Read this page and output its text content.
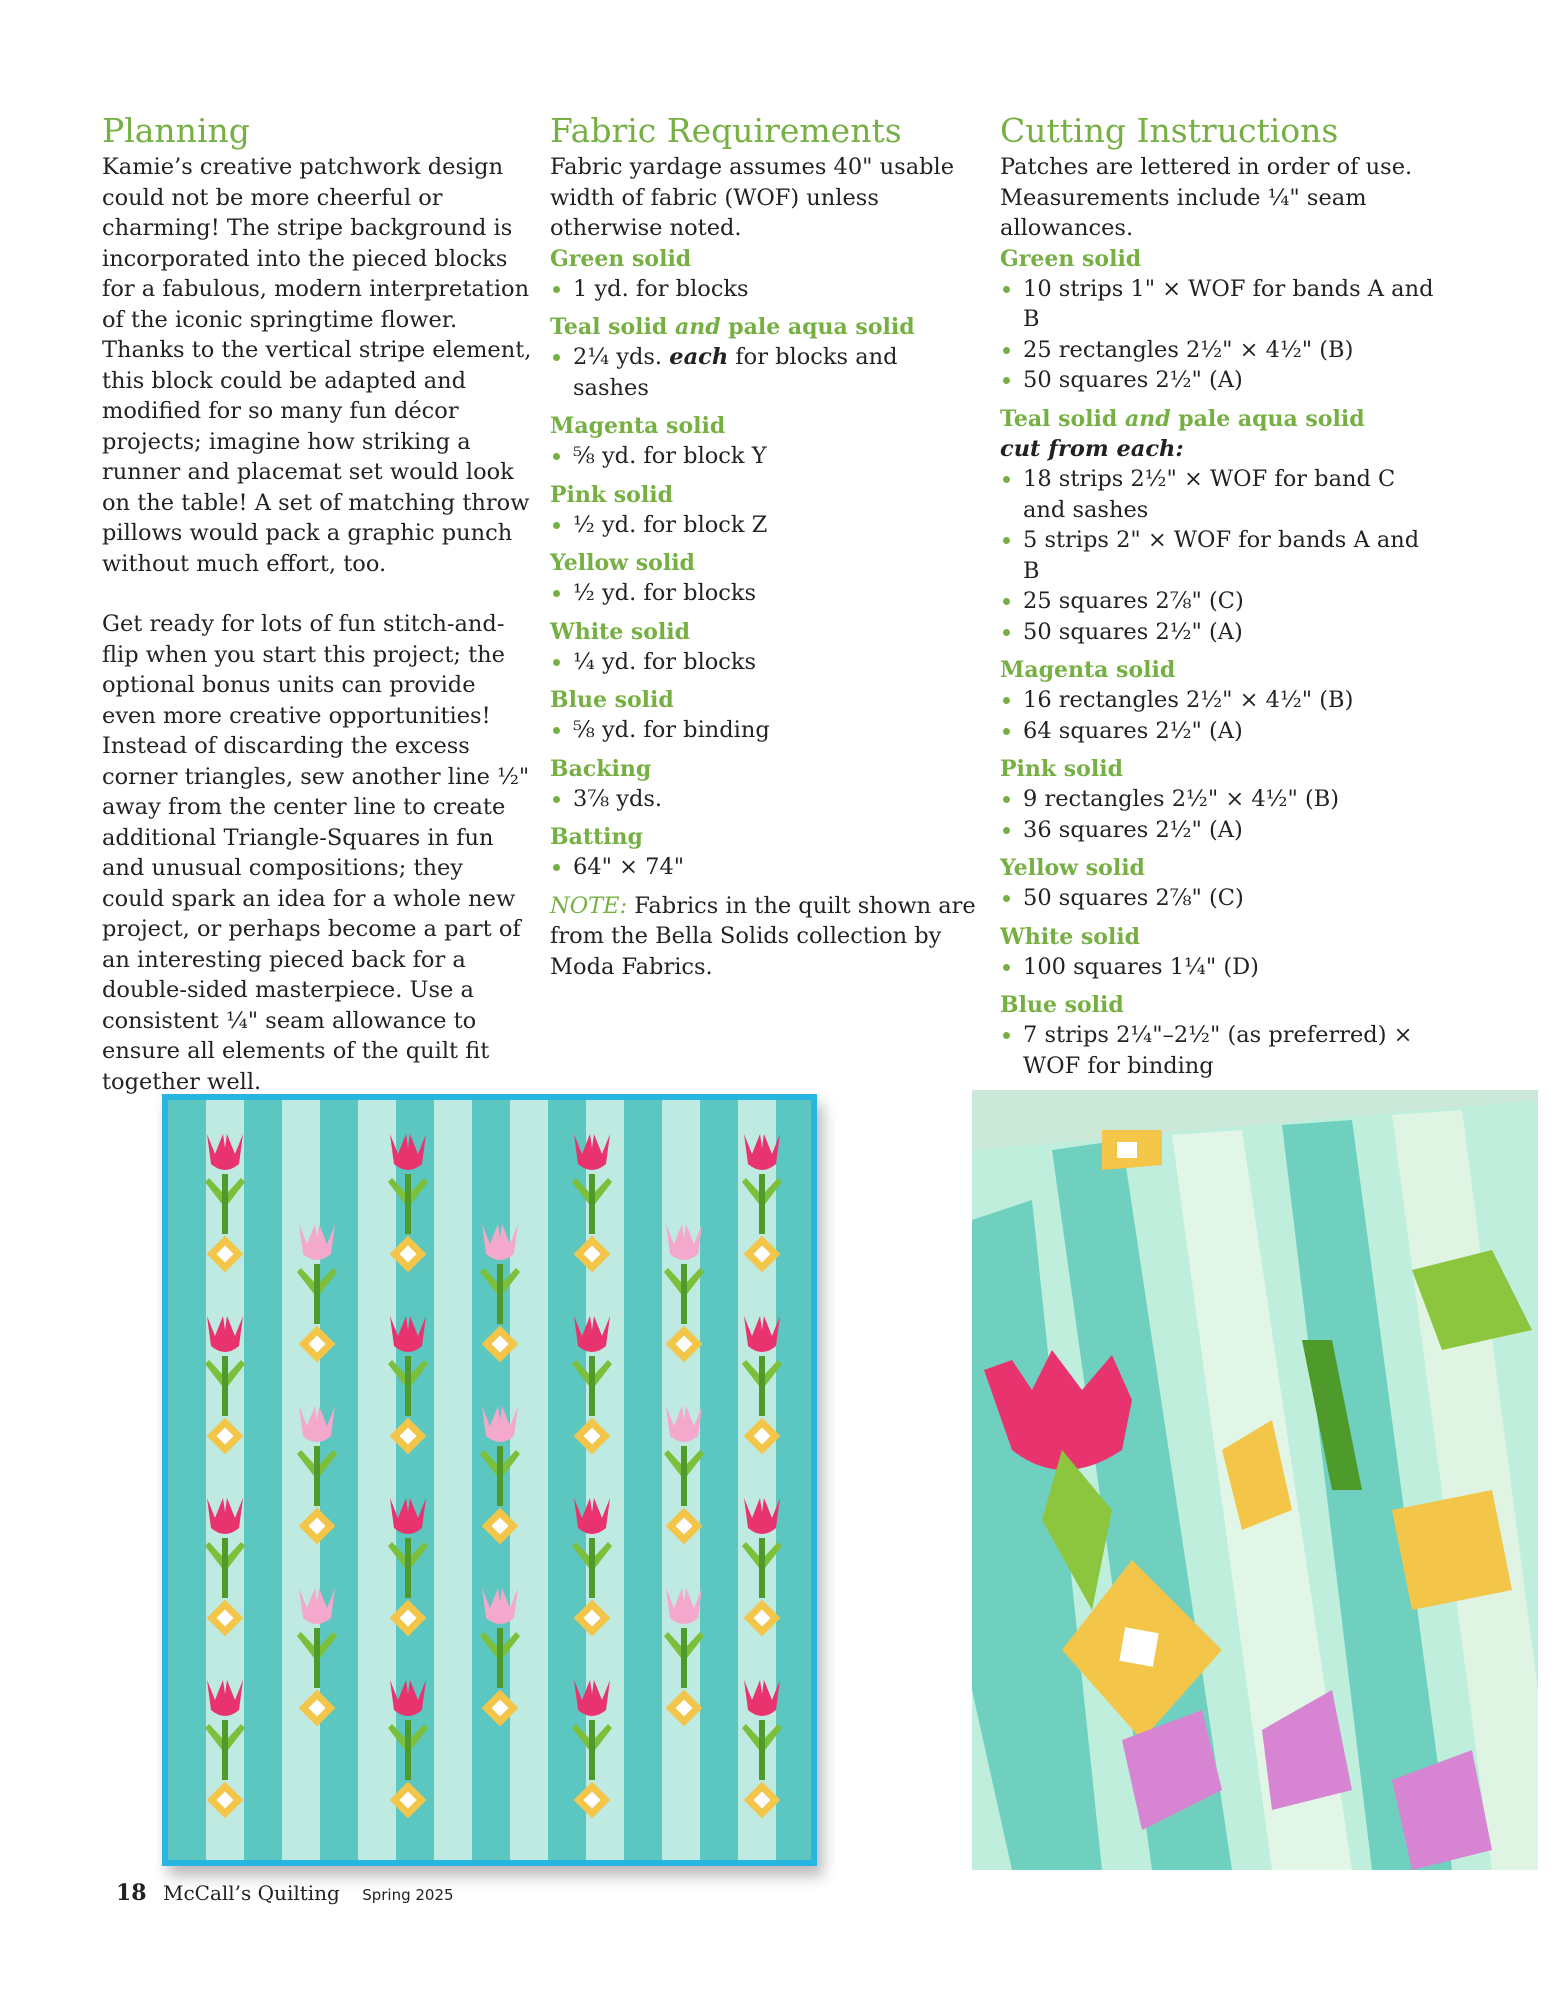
Planning

Kamie’s creative patchwork design could not be more cheerful or charming! The stripe background is incorporated into the pieced blocks for a fabulous, modern interpretation of the iconic springtime flower. Thanks to the vertical stripe element, this block could be adapted and modified for so many fun décor projects; imagine how striking a runner and placemat set would look on the table! A set of matching throw pillows would pack a graphic punch without much effort, too.

Get ready for lots of fun stitch-and-flip when you start this project; the optional bonus units can provide even more creative opportunities! Instead of discarding the excess corner triangles, sew another line ½" away from the center line to create additional Triangle-Squares in fun and unusual compositions; they could spark an idea for a whole new project, or perhaps become a part of an interesting pieced back for a double-sided masterpiece. Use a consistent ¼" seam allowance to ensure all elements of the quilt fit together well.

Fabric Requirements

Fabric yardage assumes 40" usable width of fabric (WOF) unless otherwise noted.

Green solid
1 yd. for blocks
Teal solid and pale aqua solid
2¼ yds. each for blocks and sashes
Magenta solid
⅝ yd. for block Y
Pink solid
½ yd. for block Z
Yellow solid
½ yd. for blocks
White solid
¼ yd. for blocks
Blue solid
⅝ yd. for binding
Backing
3⅞ yds.
Batting
64" × 74"

NOTE: Fabrics in the quilt shown are from the Bella Solids collection by Moda Fabrics.

Cutting Instructions

Patches are lettered in order of use. Measurements include ¼" seam allowances.

Green solid
10 strips 1" × WOF for bands A and B
25 rectangles 2½" × 4½" (B)
50 squares 2½" (A)
Teal solid and pale aqua solid
cut from each:
18 strips 2½" × WOF for band C and sashes
5 strips 2" × WOF for bands A and B
25 squares 2⅞" (C)
50 squares 2½" (A)
Magenta solid
16 rectangles 2½" × 4½" (B)
64 squares 2½" (A)
Pink solid
9 rectangles 2½" × 4½" (B)
36 squares 2½" (A)
Yellow solid
50 squares 2⅞" (C)
White solid
100 squares 1¼" (D)
Blue solid
7 strips 2¼"–2½" (as preferred) × WOF for binding
18 McCall’s Quilting Spring 2025
